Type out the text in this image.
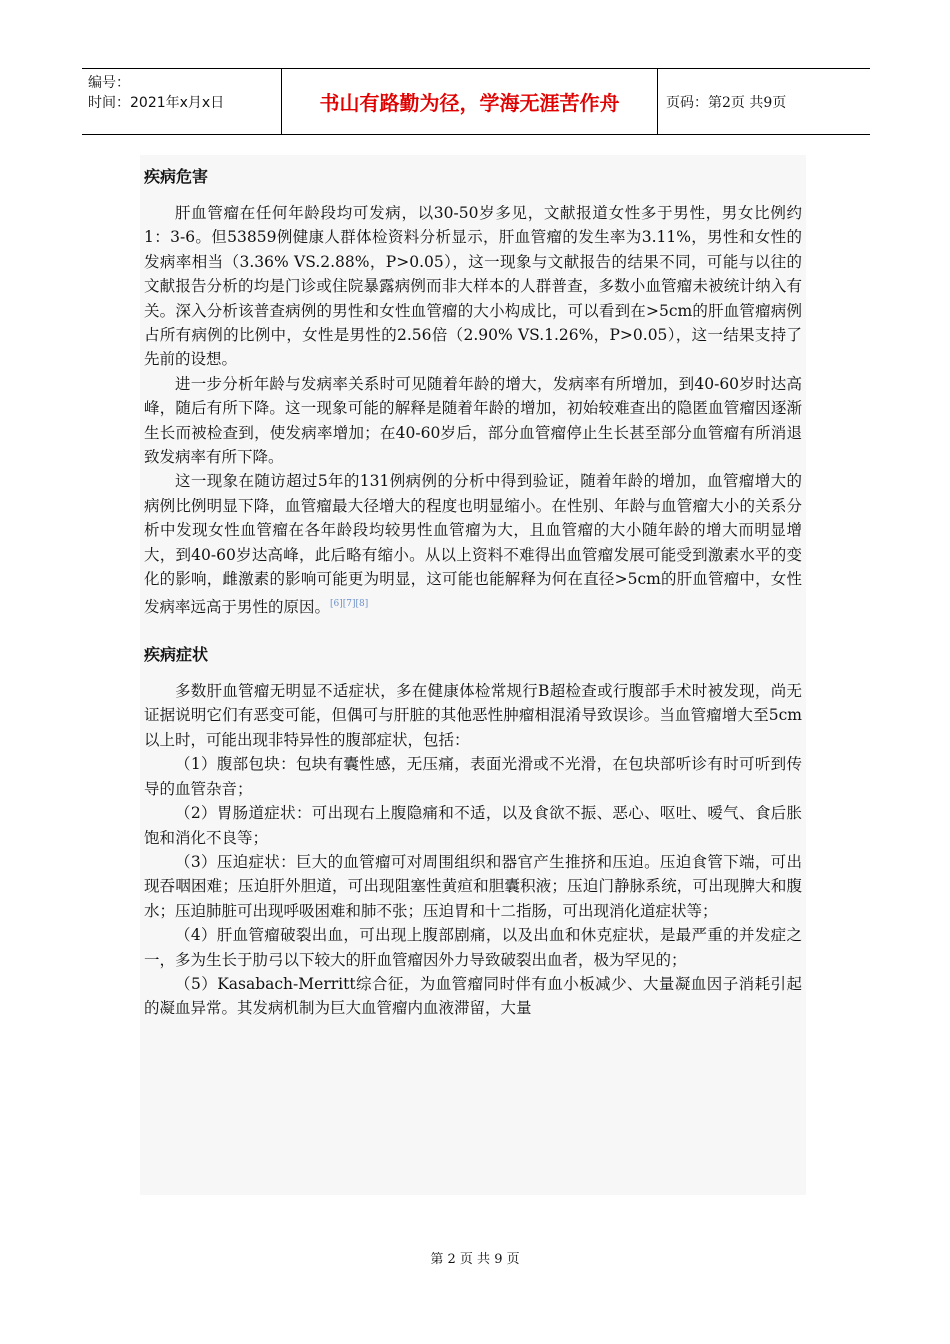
编号：
时间：2021年x月x日	书山有路勤为径，学海无涯苦作舟	页码：第2页 共9页
疾病危害

肝血管瘤在任何年龄段均可发病，以30-50岁多见，文献报道女性多于男性，男女比例约1：3-6。但53859例健康人群体检资料分析显示，肝血管瘤的发生率为3.11%，男性和女性的发病率相当（3.36% VS.2.88%，P>0.05），这一现象与文献报告的结果不同，可能与以往的文献报告分析的均是门诊或住院暴露病例而非大样本的人群普查，多数小血管瘤未被统计纳入有关。深入分析该普查病例的男性和女性血管瘤的大小构成比，可以看到在>5cm的肝血管瘤病例占所有病例的比例中，女性是男性的2.56倍（2.90% VS.1.26%，P>0.05），这一结果支持了先前的设想。

进一步分析年龄与发病率关系时可见随着年龄的增大，发病率有所增加，到40-60岁时达高峰，随后有所下降。这一现象可能的解释是随着年龄的增加，初始较难查出的隐匿血管瘤因逐渐生长而被检查到，使发病率增加；在40-60岁后，部分血管瘤停止生长甚至部分血管瘤有所消退致发病率有所下降。

这一现象在随访超过5年的131例病例的分析中得到验证，随着年龄的增加，血管瘤增大的病例比例明显下降，血管瘤最大径增大的程度也明显缩小。在性别、年龄与血管瘤大小的关系分析中发现女性血管瘤在各年龄段均较男性血管瘤为大，且血管瘤的大小随年龄的增大而明显增大，到40-60岁达高峰，此后略有缩小。从以上资料不难得出血管瘤发展可能受到激素水平的变化的影响，雌激素的影响可能更为明显，这可能也能解释为何在直径>5cm的肝血管瘤中，女性发病率远高于男性的原因。[6][7][8]

疾病症状

多数肝血管瘤无明显不适症状，多在健康体检常规行B超检查或行腹部手术时被发现，尚无证据说明它们有恶变可能，但偶可与肝脏的其他恶性肿瘤相混淆导致误诊。当血管瘤增大至5cm以上时，可能出现非特异性的腹部症状，包括：

（1）腹部包块：包块有囊性感，无压痛，表面光滑或不光滑，在包块部听诊有时可听到传导的血管杂音；

（2）胃肠道症状：可出现右上腹隐痛和不适，以及食欲不振、恶心、呕吐、嗳气、食后胀饱和消化不良等；

（3）压迫症状：巨大的血管瘤可对周围组织和器官产生推挤和压迫。压迫食管下端，可出现吞咽困难；压迫肝外胆道，可出现阻塞性黄疸和胆囊积液；压迫门静脉系统，可出现脾大和腹水；压迫肺脏可出现呼吸困难和肺不张；压迫胃和十二指肠，可出现消化道症状等；

（4）肝血管瘤破裂出血，可出现上腹部剧痛，以及出血和休克症状，是最严重的并发症之一，多为生长于肋弓以下较大的肝血管瘤因外力导致破裂出血者，极为罕见的；

（5）Kasabach-Merritt综合征，为血管瘤同时伴有血小板减少、大量凝血因子消耗引起的凝血异常。其发病机制为巨大血管瘤内血液滞留，大量

第 2 页 共 9 页
